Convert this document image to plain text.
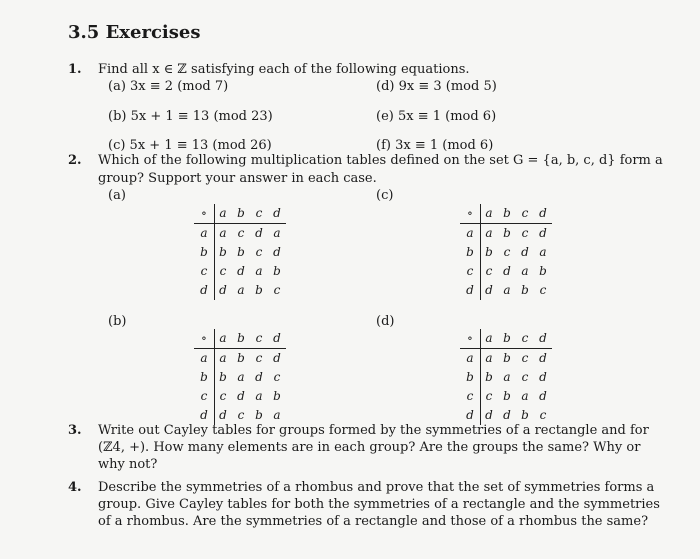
3.5 Exercises
1. Find all x ∈ ℤ satisfying each of the following equations.
(a) 3x ≡ 2 (mod 7)	(d) 9x ≡ 3 (mod 5)
(b) 5x + 1 ≡ 13 (mod 23)	(e) 5x ≡ 1 (mod 6)
(c) 5x + 1 ≡ 13 (mod 26)	(f) 3x ≡ 1 (mod 6)
2. Which of the following multiplication tables defined on the set G = {a, b, c, d} form a
group? Support your answer in each case.
(a)	(c)
(b)	(d)
∘	a b c d
a a c d a
b b b c d
c	c d a b
d d a b c
∘	a b c d
a a b c d
b b c d a
c	c d a b
d d a b c
∘	a b c d
a a b c d
b b a d c
c	c d a b
d d c b a
∘	a b c d
a a b c d
b b a c d
c	c b a d
d d d b c
3. Write out Cayley tables for groups formed by the symmetries of a rectangle and for
(ℤ4, +). How many elements are in each group? Are the groups the same? Why or
why not?
4. Describe the symmetries of a rhombus and prove that the set of symmetries forms a
group. Give Cayley tables for both the symmetries of a rectangle and the symmetries
of a rhombus. Are the symmetries of a rectangle and those of a rhombus the same?
